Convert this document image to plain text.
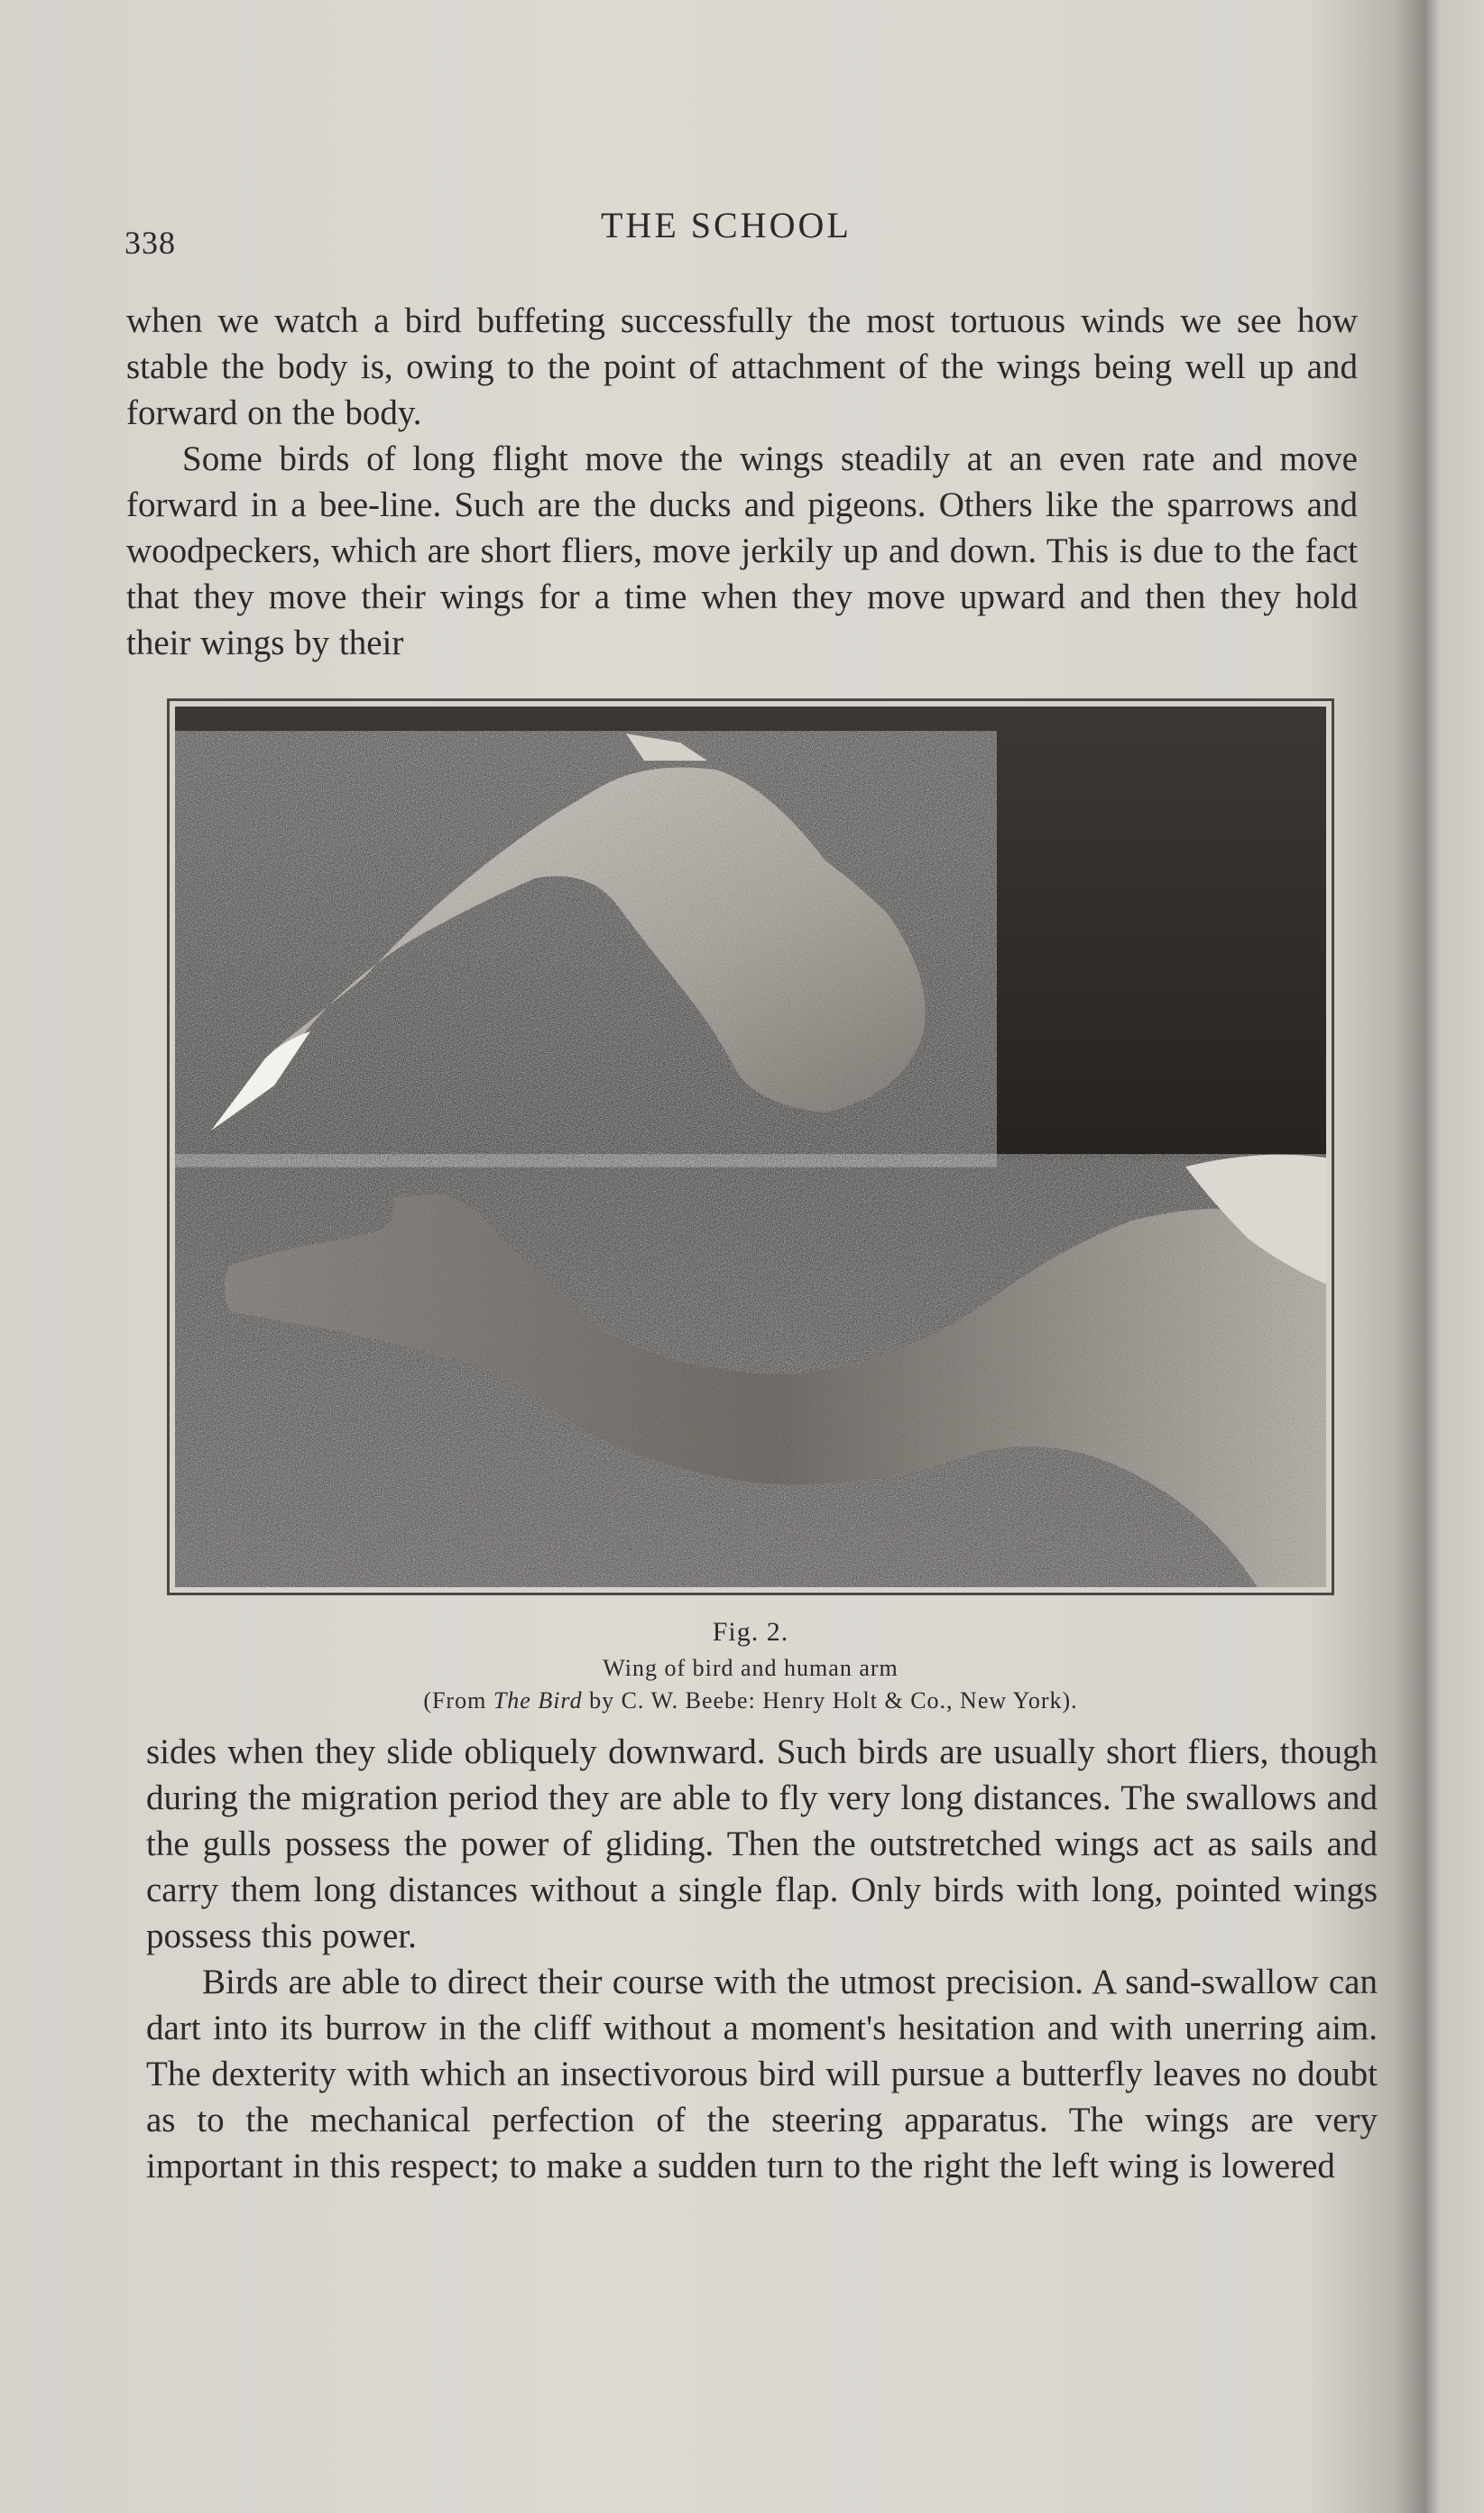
338	THE SCHOOL

when we watch a bird buffeting successfully the most tortuous winds we see how stable the body is, owing to the point of attachment of the wings being well up and forward on the body.

Some birds of long flight move the wings steadily at an even rate and move forward in a bee-line. Such are the ducks and pigeons. Others like the sparrows and woodpeckers, which are short fliers, move jerkily up and down. This is due to the fact that they move their wings for a time when they move upward and then they hold their wings by their

Fig. 2.
Wing of bird and human arm
(From The Bird by C. W. Beebe: Henry Holt & Co., New York).

sides when they slide obliquely downward. Such birds are usually short fliers, though during the migration period they are able to fly very long distances. The swallows and the gulls possess the power of gliding. Then the outstretched wings act as sails and carry them long distances without a single flap. Only birds with long, pointed wings possess this power.

Birds are able to direct their course with the utmost precision. A sand-swallow can dart into its burrow in the cliff without a moment's hesitation and with unerring aim. The dexterity with which an insectivorous bird will pursue a butterfly leaves no doubt as to the mechanical perfection of the steering apparatus. The wings are very important in this respect; to make a sudden turn to the right the left wing is lowered
